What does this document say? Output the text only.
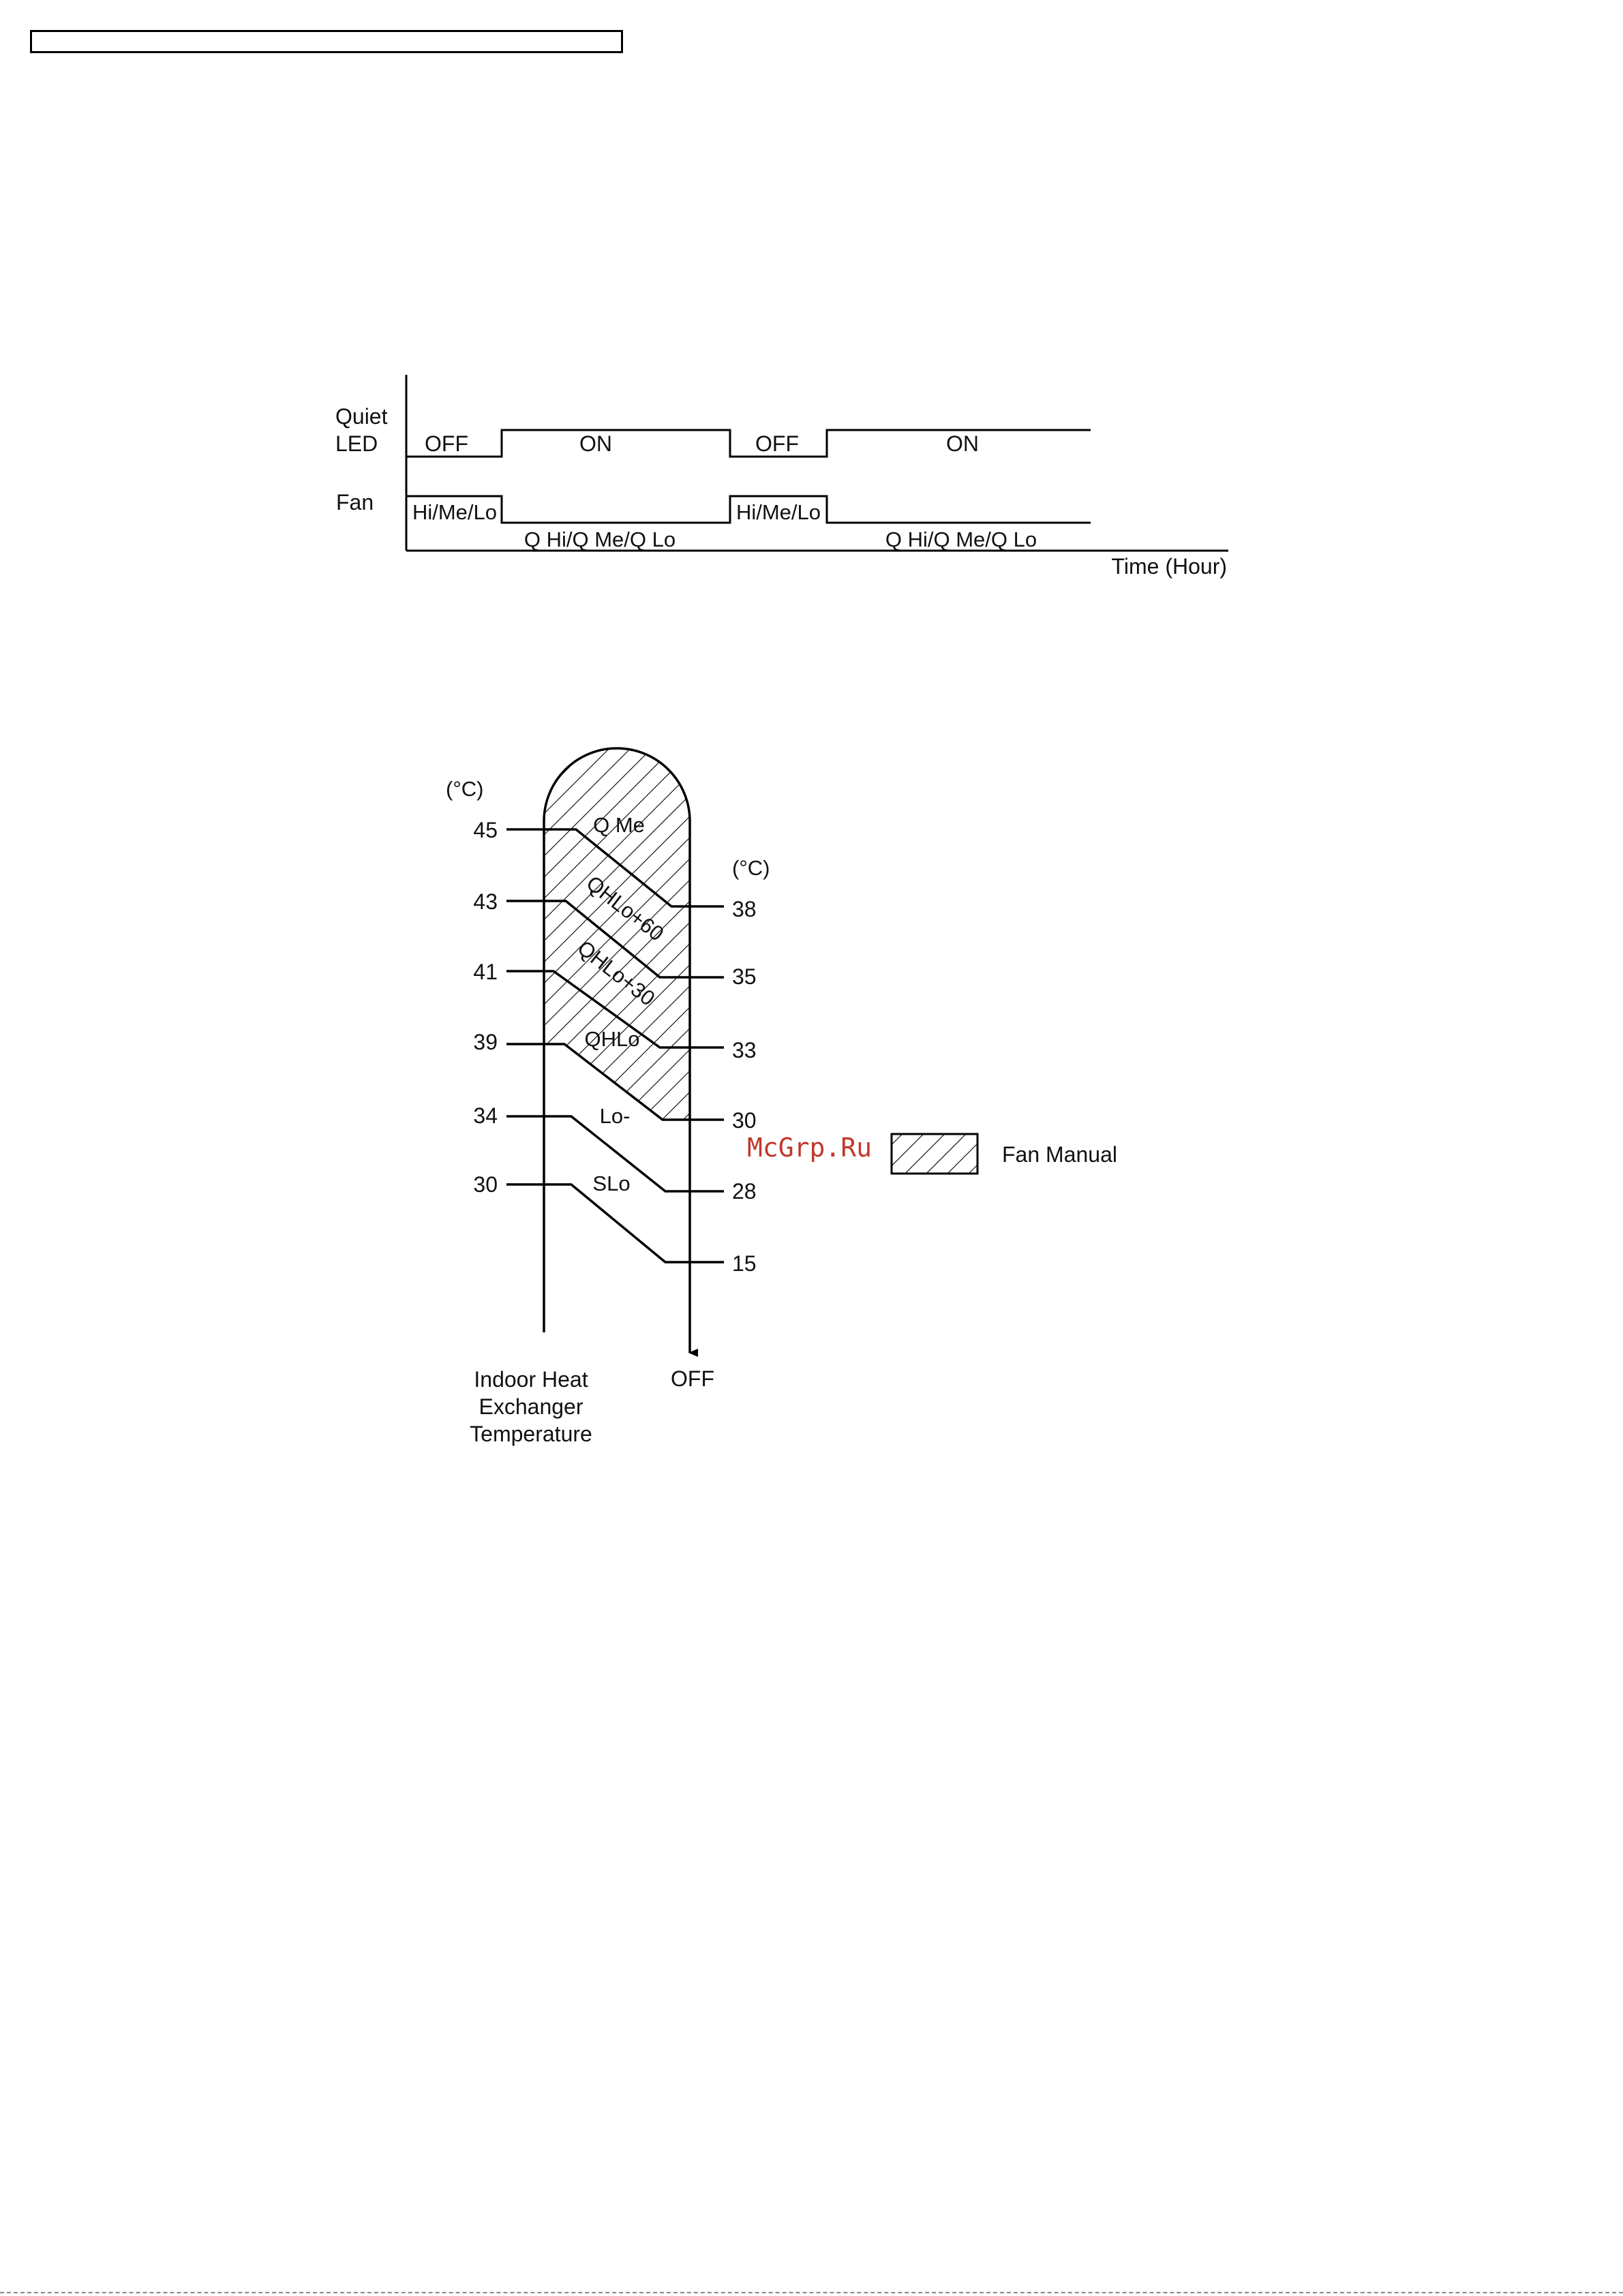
Quiet
LED
Fan
OFF	ON	OFF	ON
Hi/Me/Lo
Q Hi/Q Me/Q Lo
Hi/Me/Lo
Q Hi/Q Me/Q Lo
Time (Hour)
(°C)
(°C)
45
43
41
39
34
30
38
35
33
30
28
15
Q Me
QHLo+60
QHLo+30
QHLo
Lo-
SLo
Indoor Heat
Exchanger
Temperature
OFF
McGrp.Ru	Fan Manual
